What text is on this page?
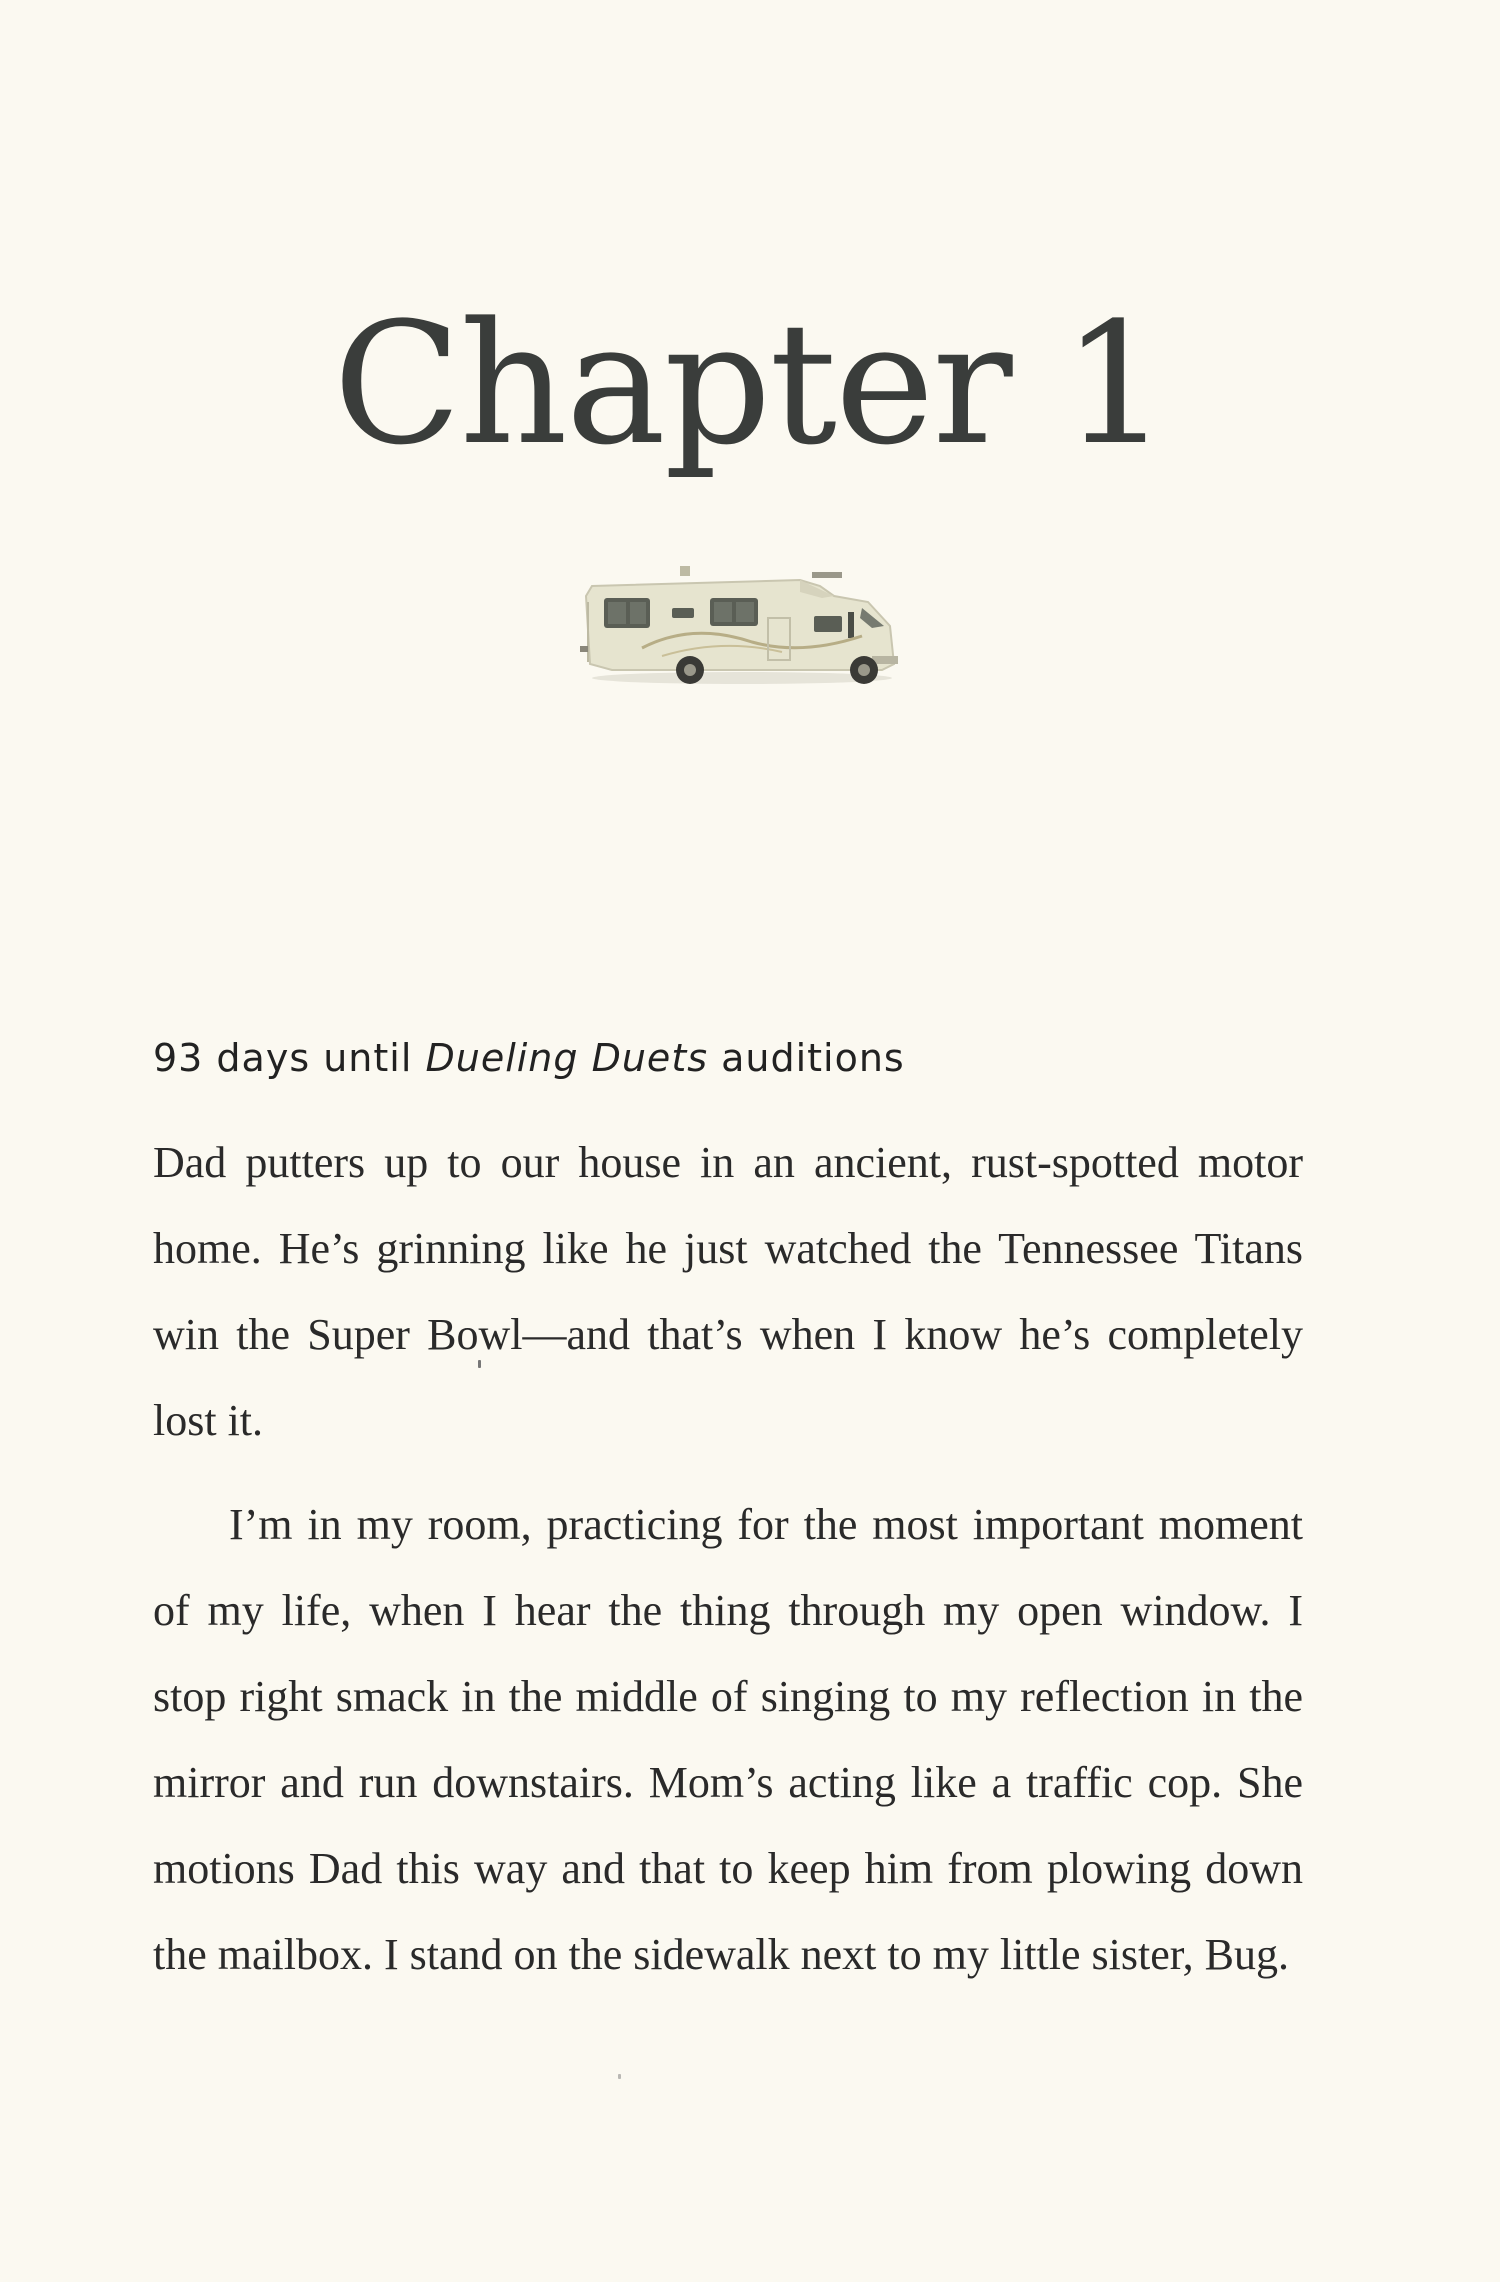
Chapter 1
93 days until Dueling Duets auditions

Dad putters up to our house in an ancient, rust-spotted motor home. He’s grinning like he just watched the Tennessee Titans win the Super Bowl—and that’s when I know he’s completely lost it.

I’m in my room, practicing for the most important moment of my life, when I hear the thing through my open window. I stop right smack in the middle of singing to my reflection in the mirror and run downstairs. Mom’s acting like a traffic cop. She motions Dad this way and that to keep him from plowing down the mailbox. I stand on the sidewalk next to my little sister, Bug.
